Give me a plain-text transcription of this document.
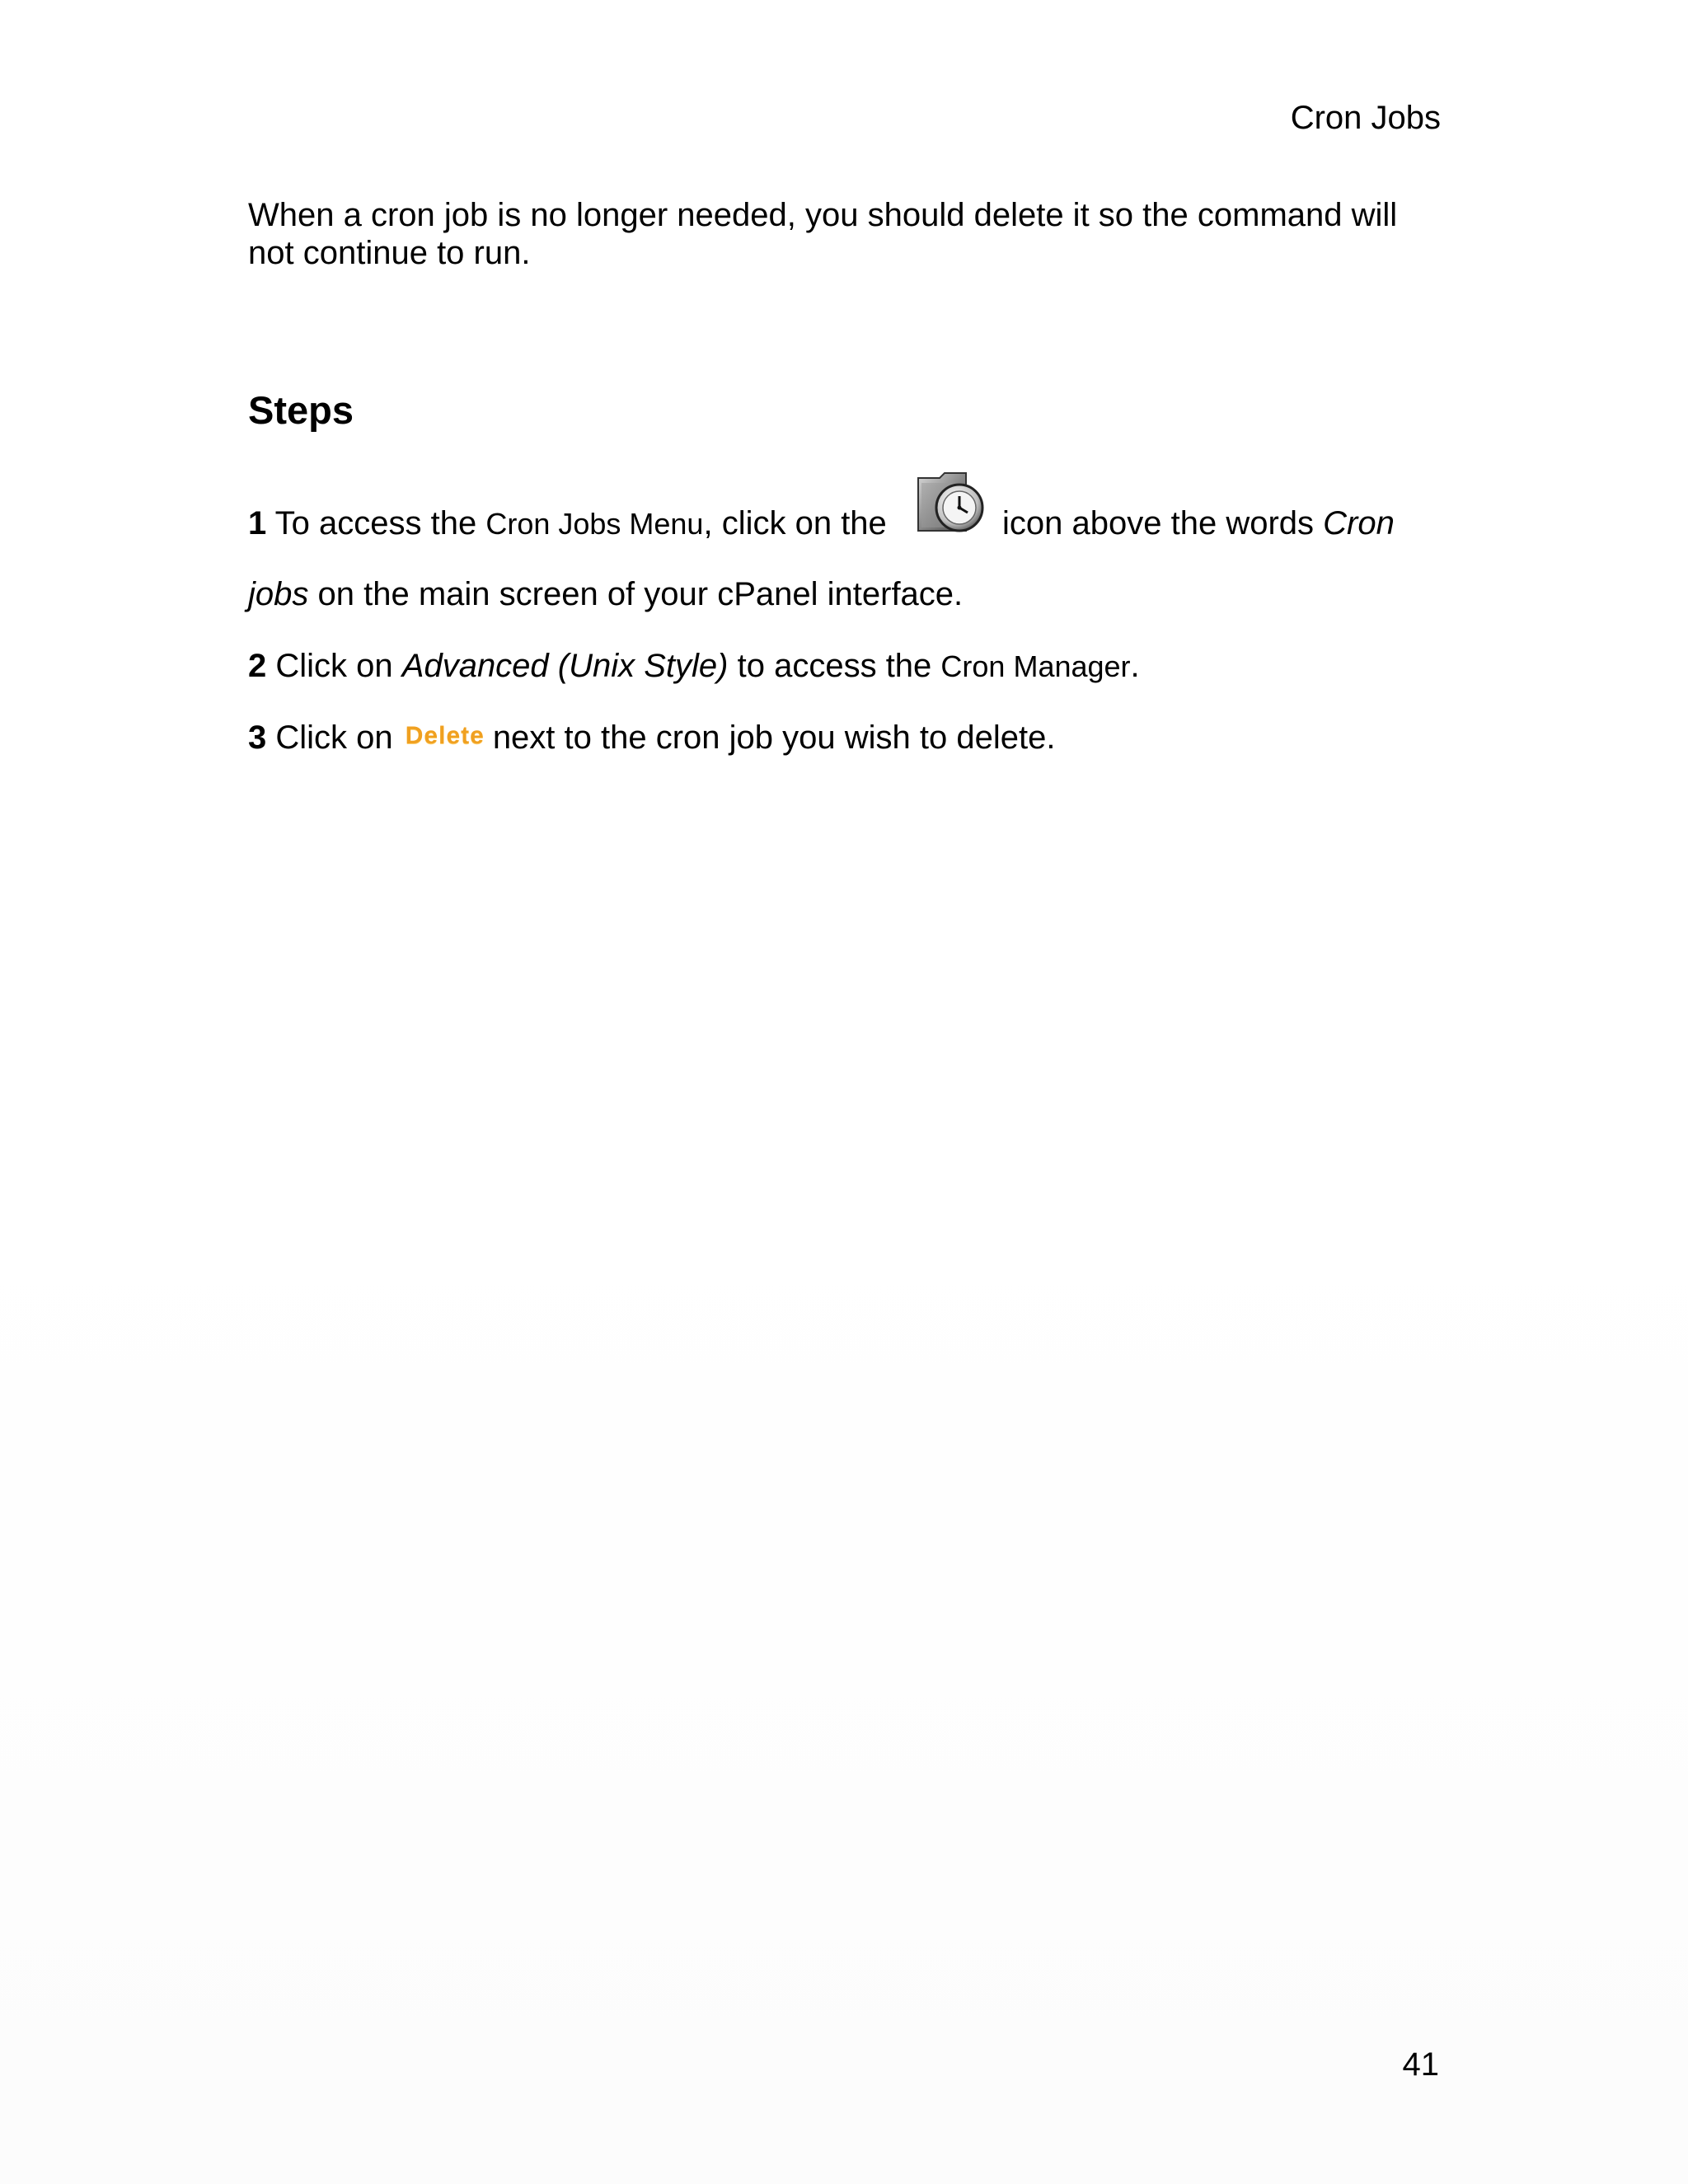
Cron Jobs

When a cron job is no longer needed, you should delete it so the command will not continue to run.

Steps

1 To access the Cron Jobs Menu, click on the	icon above the words Cron

jobs on the main screen of your cPanel interface.

2 Click on Advanced (Unix Style) to access the Cron Manager.

3 Click on Delete next to the cron job you wish to delete.

41
